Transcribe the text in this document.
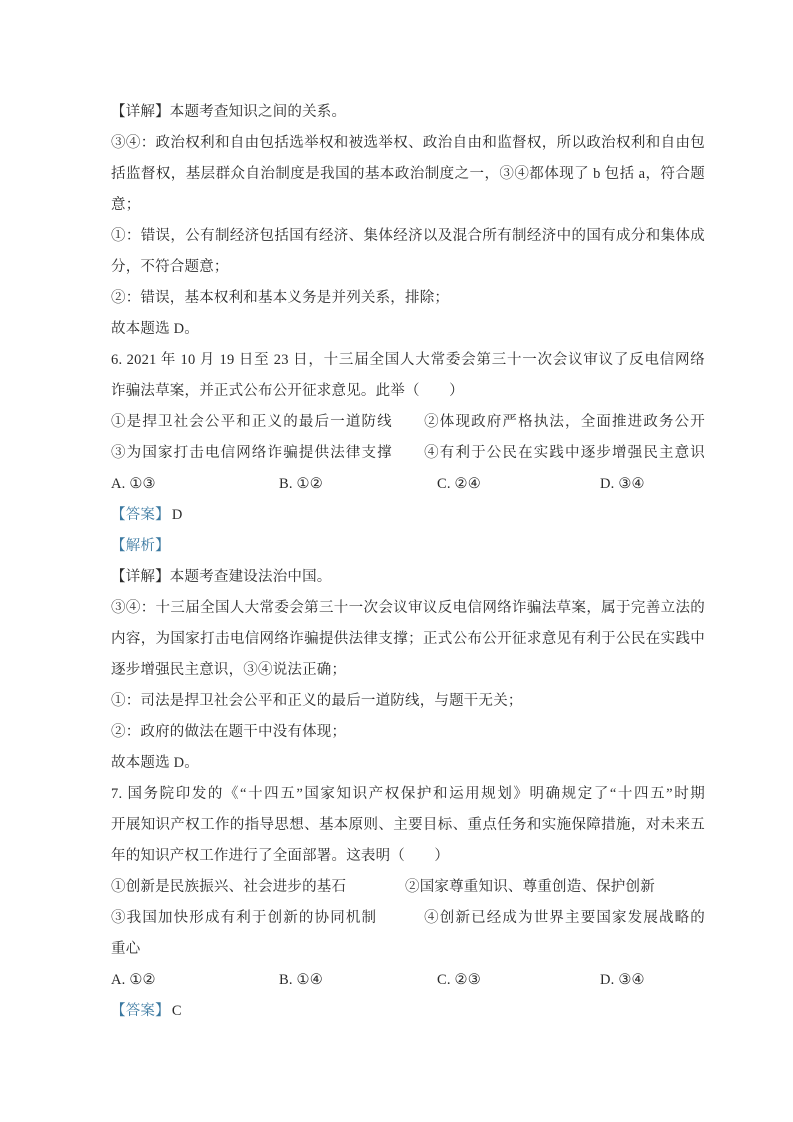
【详解】本题考查知识之间的关系。
③④：政治权利和自由包括选举权和被选举权、政治自由和监督权，所以政治权利和自由包
括监督权，基层群众自治制度是我国的基本政治制度之一，③④都体现了 b 包括 a，符合题
意；
①：错误，公有制经济包括国有经济、集体经济以及混合所有制经济中的国有成分和集体成
分，不符合题意；
②：错误，基本权利和基本义务是并列关系，排除；
故本题选 D。
6. 2021 年 10 月 19 日至 23 日，十三届全国人大常委会第三十一次会议审议了反电信网络
诈骗法草案，并正式公布公开征求意见。此举（　　）
①是捍卫社会公平和正义的最后一道防线　　②体现政府严格执法，全面推进政务公开
③为国家打击电信网络诈骗提供法律支撑　　④有利于公民在实践中逐步增强民主意识
A. ①③	B. ①②	C. ②④	D. ③④
【答案】 D
【解析】
【详解】本题考查建设法治中国。
③④：十三届全国人大常委会第三十一次会议审议反电信网络诈骗法草案，属于完善立法的
内容，为国家打击电信网络诈骗提供法律支撑；正式公布公开征求意见有利于公民在实践中
逐步增强民主意识，③④说法正确；
①：司法是捍卫社会公平和正义的最后一道防线，与题干无关；
②：政府的做法在题干中没有体现；
故本题选 D。
7. 国务院印发的《“十四五”国家知识产权保护和运用规划》明确规定了“十四五”时期
开展知识产权工作的指导思想、基本原则、主要目标、重点任务和实施保障措施，对未来五
年的知识产权工作进行了全面部署。这表明（　　）
①创新是民族振兴、社会进步的基石　　　　②国家尊重知识、尊重创造、保护创新
③我国加快形成有利于创新的协同机制　　　④创新已经成为世界主要国家发展战略的
重心
A. ①②	B. ①④	C. ②③	D. ③④
【答案】 C
